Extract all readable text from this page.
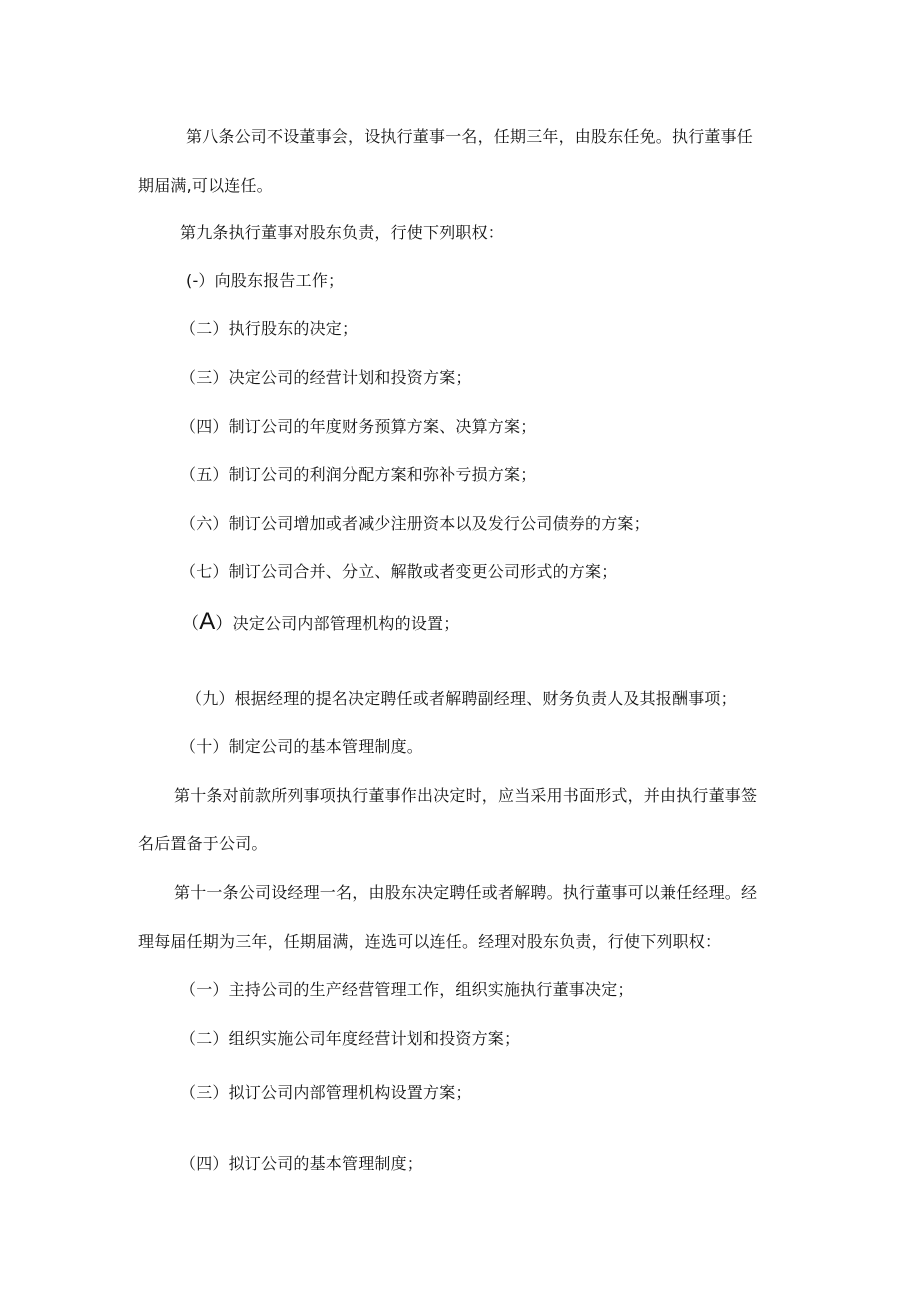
第八条公司不设董事会，设执行董事一名，任期三年，由股东任免。执行董事任

期届满,可以连任。

第九条执行董事对股东负责，行使下列职权：

(-）向股东报告工作；

（二）执行股东的决定；

（三）决定公司的经营计划和投资方案；

（四）制订公司的年度财务预算方案、决算方案；

（五）制订公司的利润分配方案和弥补亏损方案；

（六）制订公司增加或者减少注册资本以及发行公司债券的方案；

（七）制订公司合并、分立、解散或者变更公司形式的方案；

（A）决定公司内部管理机构的设置；

（九）根据经理的提名决定聘任或者解聘副经理、财务负责人及其报酬事项；

（十）制定公司的基本管理制度。

第十条对前款所列事项执行董事作出决定时，应当采用书面形式，并由执行董事签

名后置备于公司。

第十一条公司设经理一名，由股东决定聘任或者解聘。执行董事可以兼任经理。经

理每届任期为三年，任期届满，连选可以连任。经理对股东负责，行使下列职权：

（一）主持公司的生产经营管理工作，组织实施执行董事决定；

（二）组织实施公司年度经营计划和投资方案；

（三）拟订公司内部管理机构设置方案；

（四）拟订公司的基本管理制度；
